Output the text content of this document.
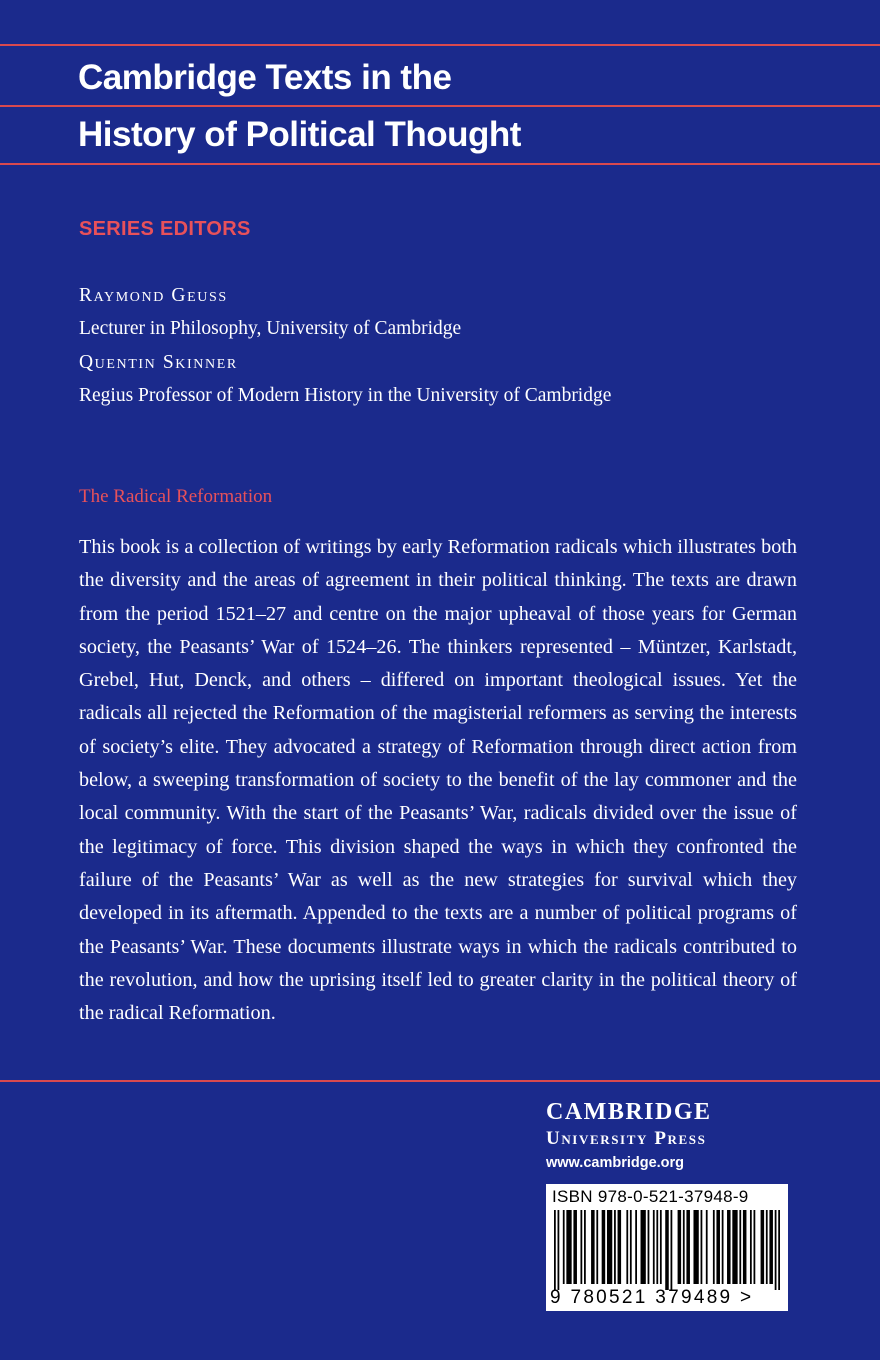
Cambridge Texts in the
History of Political Thought
SERIES EDITORS
Raymond Geuss
Lecturer in Philosophy, University of Cambridge
Quentin Skinner
Regius Professor of Modern History in the University of Cambridge
The Radical Reformation
This book is a collection of writings by early Reformation radicals which illustrates both the diversity and the areas of agreement in their political thinking. The texts are drawn from the period 1521–27 and centre on the major upheaval of those years for German society, the Peasants’ War of 1524–26. The thinkers represented – Müntzer, Karlstadt, Grebel, Hut, Denck, and others – differed on important theological issues. Yet the radicals all rejected the Reformation of the magisterial reformers as serving the interests of society’s elite. They advocated a strategy of Reformation through direct action from below, a sweeping transformation of society to the benefit of the lay commoner and the local community. With the start of the Peasants’ War, radicals divided over the issue of the legitimacy of force. This division shaped the ways in which they confronted the failure of the Peasants’ War as well as the new strategies for survival which they developed in its aftermath. Appended to the texts are a number of political programs of the Peasants’ War. These documents illustrate ways in which the radicals contributed to the revolution, and how the uprising itself led to greater clarity in the political theory of the radical Reformation.
cambridge
University Press
www.cambridge.org
ISBN 978-0-521-37948-9
9 780521 379489 >
